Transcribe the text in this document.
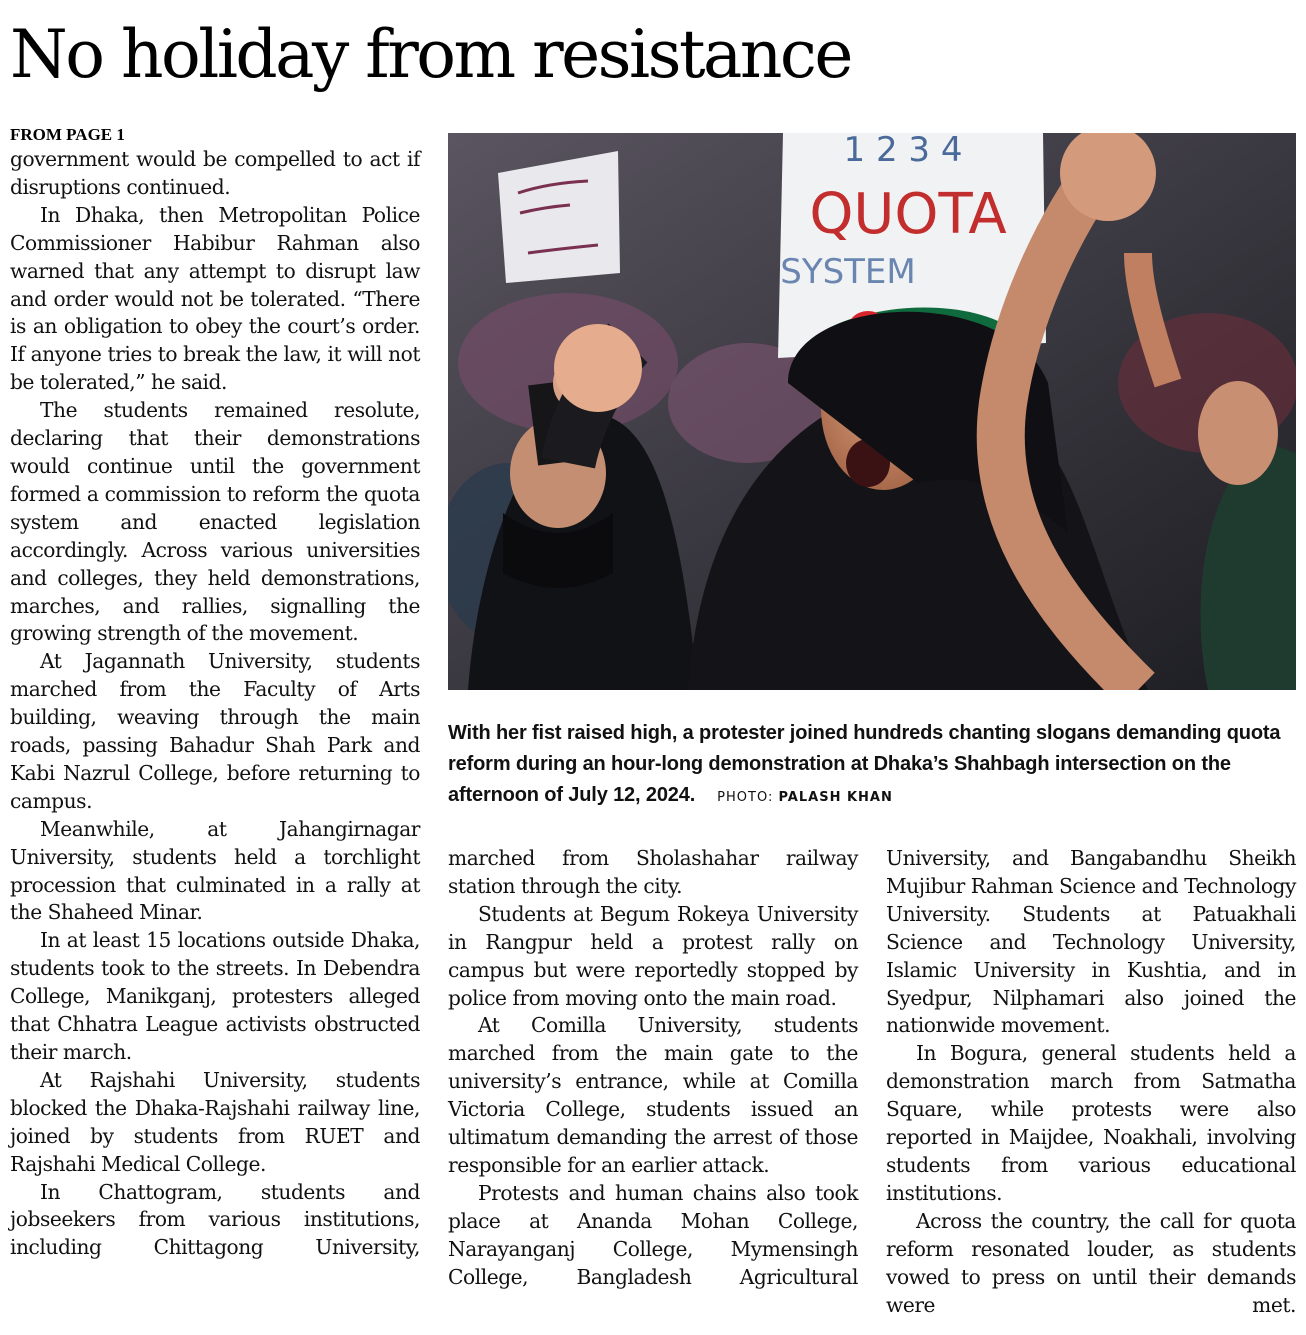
No holiday from resistance
FROM PAGE 1

government would be compelled to act if disruptions continued.

In Dhaka, then Metropolitan Police Commissioner Habibur Rahman also warned that any attempt to disrupt law and order would not be tolerated. “There is an obligation to obey the court’s order. If anyone tries to break the law, it will not be tolerated,” he said.

The students remained resolute, declaring that their demonstrations would continue until the government formed a commission to reform the quota system and enacted legislation accordingly. Across various universities and colleges, they held demonstrations, marches, and rallies, signalling the growing strength of the movement.

At Jagannath University, students marched from the Faculty of Arts building, weaving through the main roads, passing Bahadur Shah Park and Kabi Nazrul College, before returning to campus.

Meanwhile, at Jahangirnagar University, students held a torchlight procession that culminated in a rally at the Shaheed Minar.

In at least 15 locations outside Dhaka, students took to the streets. In Debendra College, Manikganj, protesters alleged that Chhatra League activists obstructed their march.

At Rajshahi University, students blocked the Dhaka-Rajshahi railway line, joined by students from RUET and Rajshahi Medical College.

In Chattogram, students and jobseekers from various institutions, including Chittagong University,

1 2 3 4
QUOTA
SYSTEM
With her fist raised high, a protester joined hundreds chanting slogans demanding quota reform during an hour-long demonstration at Dhaka’s Shahbagh intersection on the afternoon of July 12, 2024. PHOTO: PALASH KHAN

marched from Sholashahar railway station through the city.

Students at Begum Rokeya University in Rangpur held a protest rally on campus but were reportedly stopped by police from moving onto the main road.

At Comilla University, students marched from the main gate to the university’s entrance, while at Comilla Victoria College, students issued an ultimatum demanding the arrest of those responsible for an earlier attack.

Protests and human chains also took place at Ananda Mohan College, Narayanganj College, Mymensingh College, Bangladesh Agricultural

University, and Bangabandhu Sheikh Mujibur Rahman Science and Technology University. Students at Patuakhali Science and Technology University, Islamic University in Kushtia, and in Syedpur, Nilphamari also joined the nationwide movement.

In Bogura, general students held a demonstration march from Satmatha Square, while protests were also reported in Maijdee, Noakhali, involving students from various educational institutions.

Across the country, the call for quota reform resonated louder, as students vowed to press on until their demands were met.
